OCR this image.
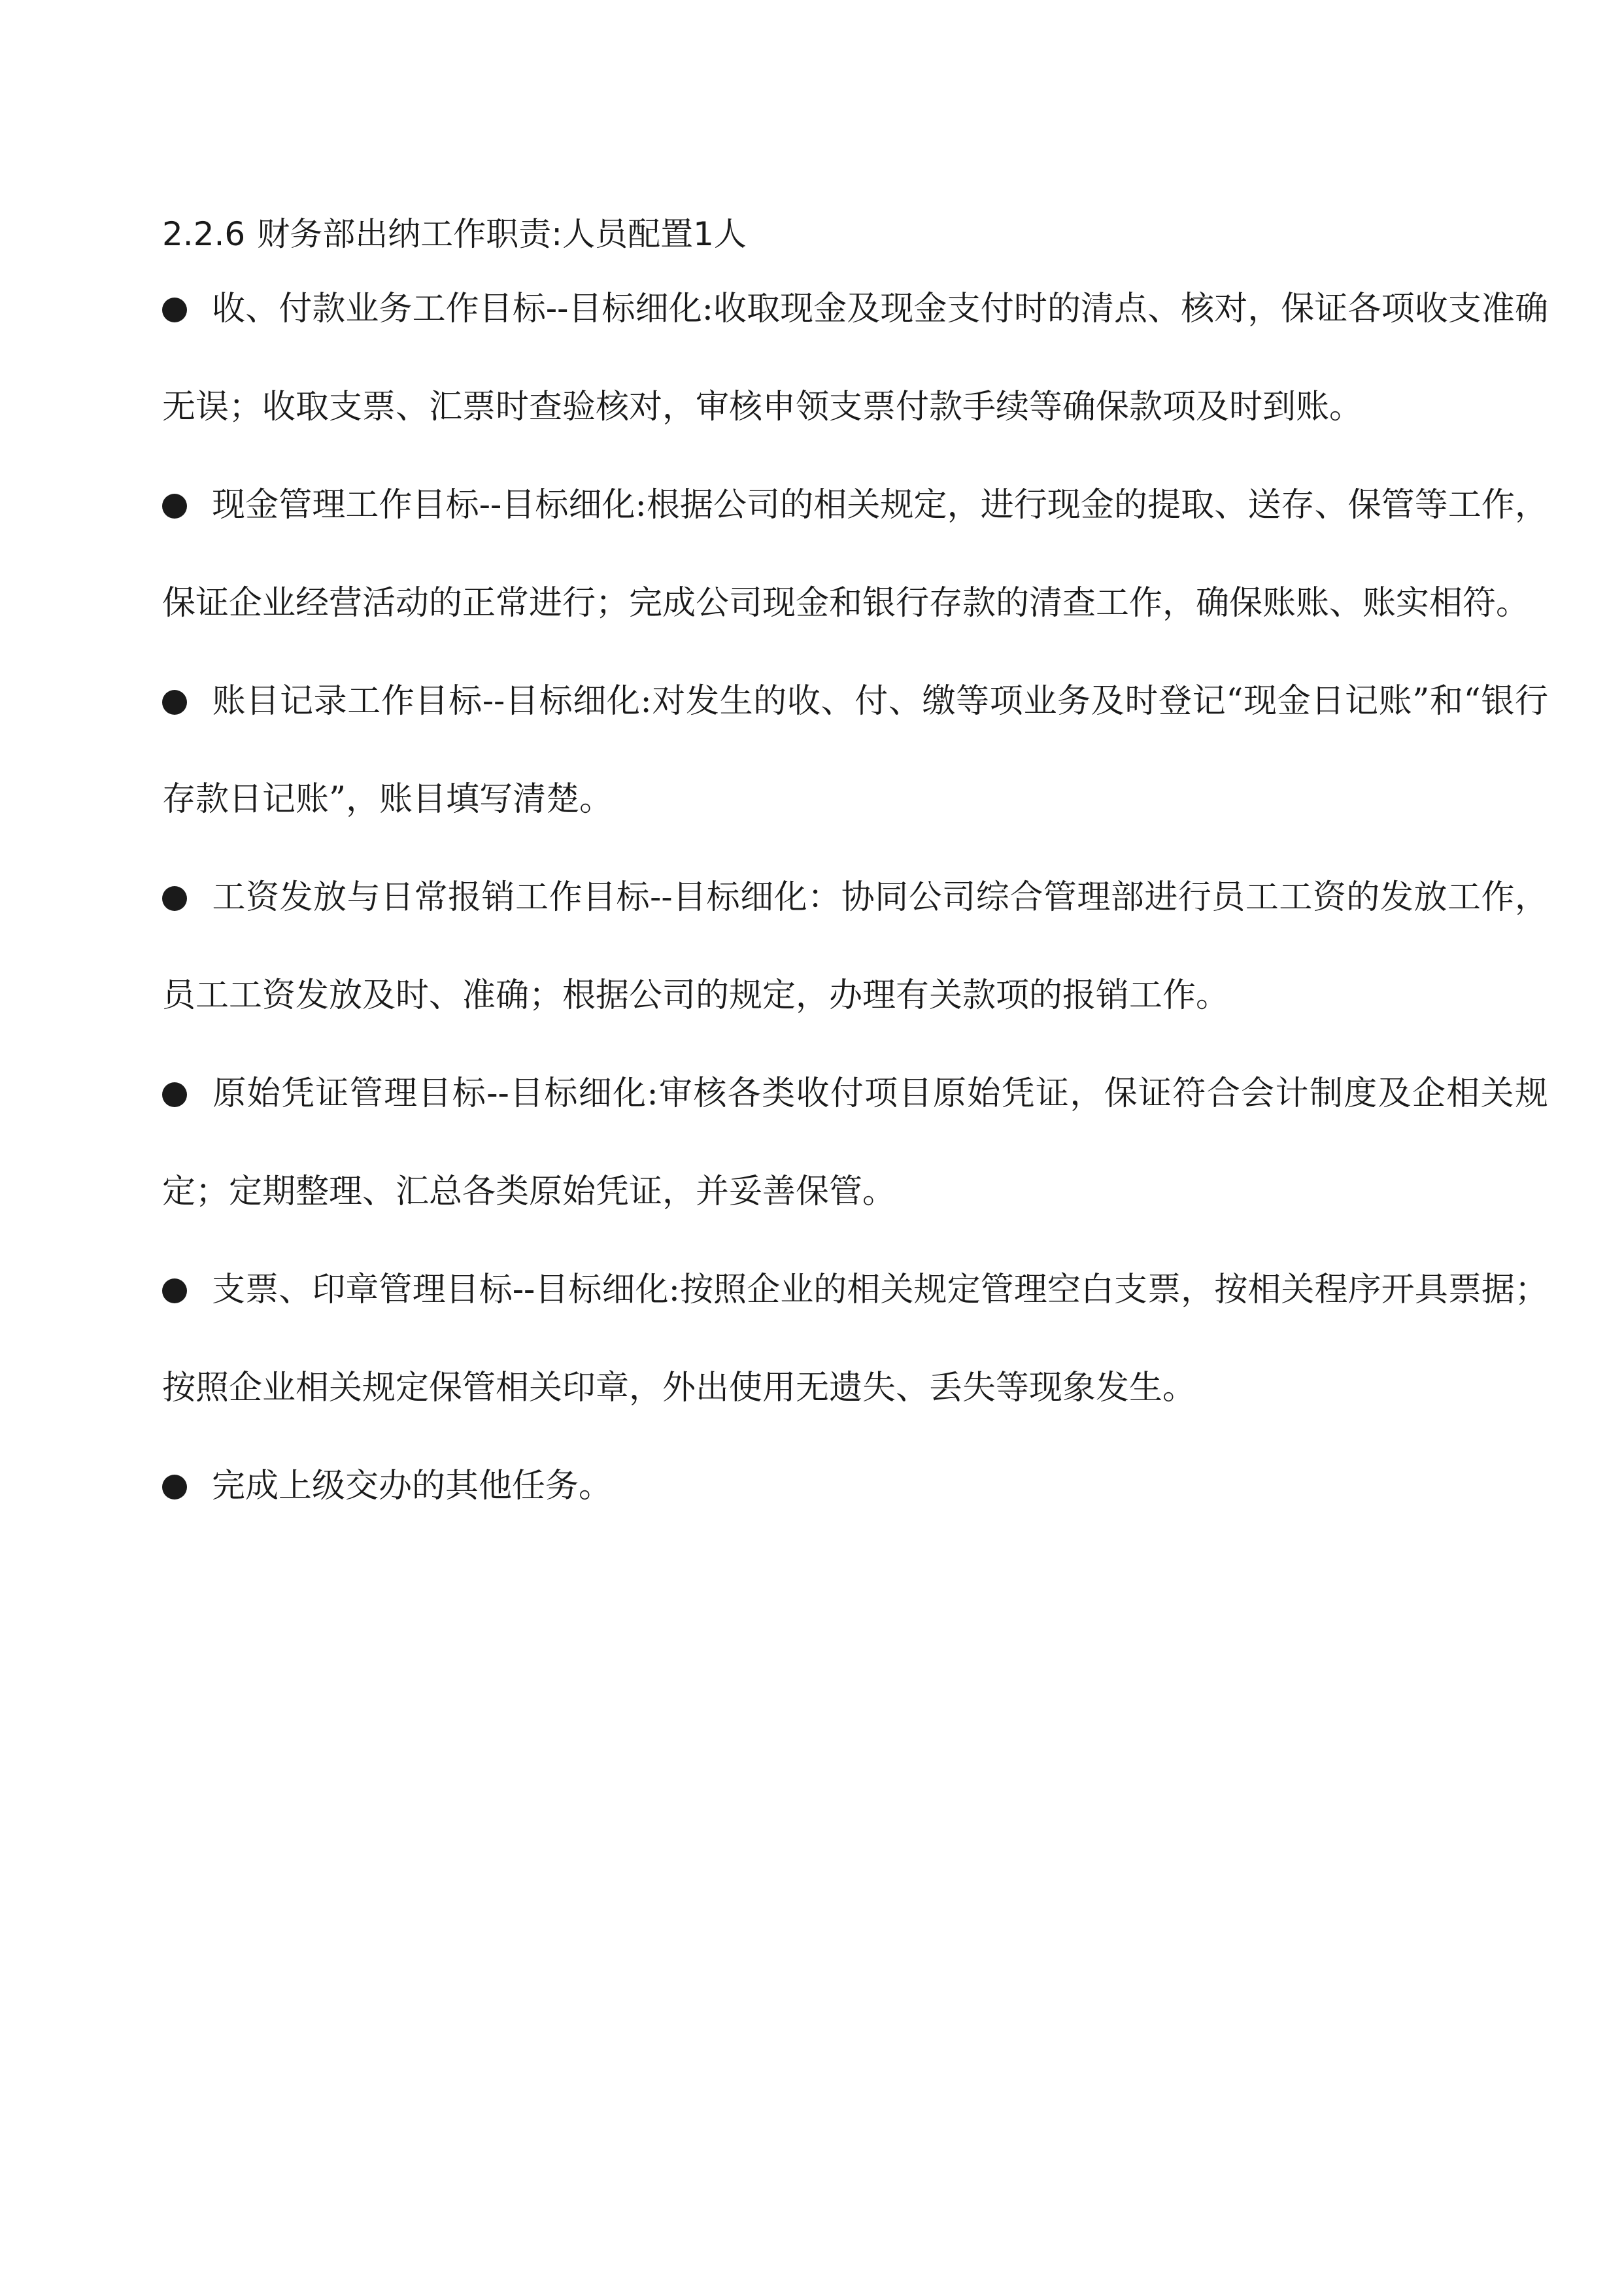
2.2.6 财务部出纳工作职责:人员配置1人

收、付款业务工作目标--目标细化:收取现金及现金支付时的清点、核对，保证各项收支准确无误；收取支票、汇票时查验核对，审核申领支票付款手续等确保款项及时到账。

现金管理工作目标--目标细化:根据公司的相关规定，进行现金的提取、送存、保管等工作，保证企业经营活动的正常进行；完成公司现金和银行存款的清查工作，确保账账、账实相符。

账目记录工作目标--目标细化:对发生的收、付、缴等项业务及时登记“现金日记账”和“银行存款日记账”，账目填写清楚。

工资发放与日常报销工作目标--目标细化：协同公司综合管理部进行员工工资的发放工作，员工工资发放及时、准确；根据公司的规定，办理有关款项的报销工作。

原始凭证管理目标--目标细化:审核各类收付项目原始凭证，保证符合会计制度及企相关规定；定期整理、汇总各类原始凭证，并妥善保管。

支票、印章管理目标--目标细化:按照企业的相关规定管理空白支票，按相关程序开具票据；按照企业相关规定保管相关印章，外出使用无遗失、丢失等现象发生。

完成上级交办的其他任务。
